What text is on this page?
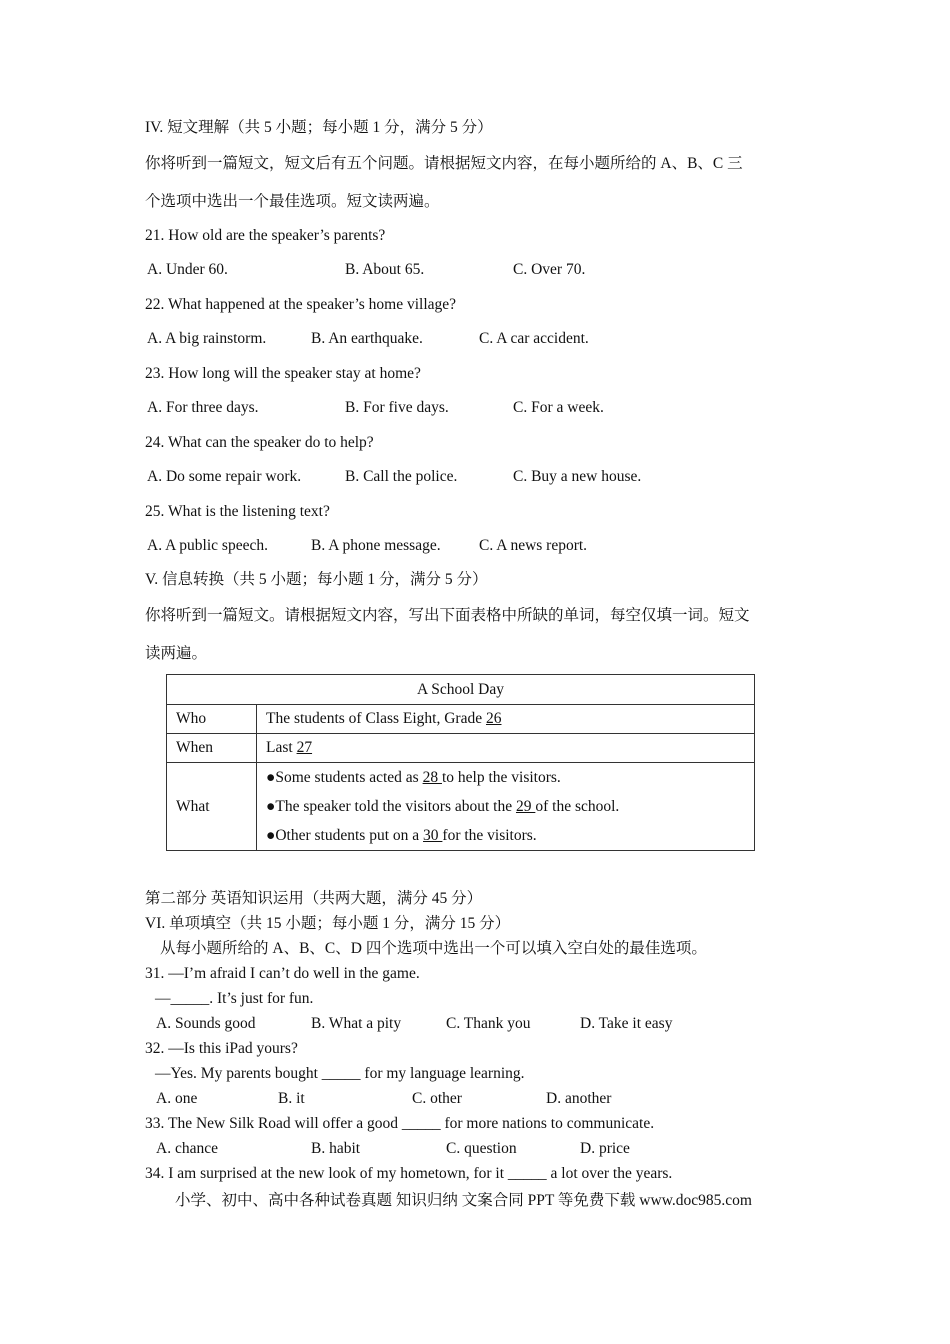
IV. 短文理解（共 5 小题；每小题 1 分，满分 5 分）
你将听到一篇短文，短文后有五个问题。请根据短文内容，在每小题所给的 A、B、C 三
个选项中选出一个最佳选项。短文读两遍。
21. How old are the speaker’s parents?
A. Under 60.	B. About 65.	C. Over 70.
22. What happened at the speaker’s home village?
A. A big rainstorm.	B. An earthquake.	C. A car accident.
23. How long will the speaker stay at home?
A. For three days.	B. For five days.	C. For a week.
24. What can the speaker do to help?
A. Do some repair work.	B. Call the police.	C. Buy a new house.
25. What is the listening text?
A. A public speech.	B. A phone message. C. A news report.
V. 信息转换（共 5 小题；每小题 1 分，满分 5 分）
你将听到一篇短文。请根据短文内容，写出下面表格中所缺的单词，每空仅填一词。短文
读两遍。
A School Day	
Who	The students of Class Eight, Grade 26
When	Last 27
What	●Some students acted as 28 to help the visitors.
●The speaker told the visitors about the 29 of the school.
●Other students put on a 30 for the visitors.
第二部分 英语知识运用（共两大题，满分 45 分）
VI. 单项填空（共 15 小题；每小题 1 分，满分 15 分）
从每小题所给的 A、B、C、D 四个选项中选出一个可以填入空白处的最佳选项。
31. —I’m afraid I can’t do well in the game.
—_____. It’s just for fun.
A. Sounds good	B. What a pity	C. Thank you	D. Take it easy
32. —Is this iPad yours?
—Yes. My parents bought _____ for my language learning.
A. one	B. it	C. other	D. another
33. The New Silk Road will offer a good _____ for more nations to communicate.
A. chance	B. habit	C. question	D. price
34. I am surprised at the new look of my hometown, for it _____ a lot over the years.
小学、初中、高中各种试卷真题 知识归纳 文案合同 PPT 等免费下载 www.doc985.com
